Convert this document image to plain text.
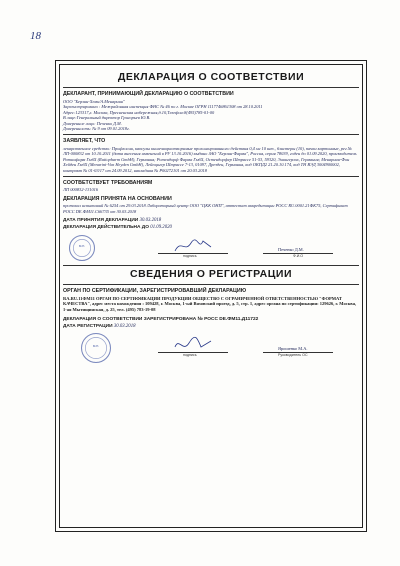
18
ДЕКЛАРАЦИЯ О СООТВЕТСТВИИ
ДЕКЛАРАНТ, ПРИНИМАЮЩИЙ ДЕКЛАРАЦИЮ О СООТВЕТСТВИИ

ООО "Берлин-Хеми/А.Менарини"

Зарегистрировано : Межрайонная инспекция ФНС № 46 по г. Москве ОГРН 1117746861308 от 28.10.2011

Адрес:123317,г. Москва, Пресненская набережная,д.10,Телефон:8(495)785-01-00

В лице:Генеральный директор Григорьев Ю.В.

Доверенное лицо: Печенко Д.М.

Доверенность: № 9 от 09.01.2018г.

ЗАЯВЛЯЕТ, ЧТО

лекарственное средство: Профлосин, капсулы кишечнорастворимые пролонгированного действия 0,4 мг 10 шт., блистеры (10), пачки картонные, рег.№ ЛП-000832 от 10.10.2011 (дата внесения изменений в РУ 13.10.2016) выдано ЗАО "Берлин-Фарма", Россия, серия 78039, годен до 01.09.2020, производитель Ратиофарм ГмбХ (Ratiopharm GmbH), Германия; Ротендорф Фарма ГмбХ, Остендорфер Штрассе 51-53, 59320, Эннигерлох, Германия; Менарини-Фон Хейден ГмбХ (Menarini-Von Heyden GmbH), Лейпцигер Штрассе 7-13, 01097, Дрезден, Германия, код ОКПД2 21.20.10.174, код ТН ВЭД 3004900002, контракт № 01-03/17 от 24.09.2012, накладная № Р00272101 от 20.03.2018

СООТВЕТСТВУЕТ ТРЕБОВАНИЯМ

ЛП 000832-131016

ДЕКЛАРАЦИЯ ПРИНЯТА НА ОСНОВАНИИ

протокол испытаний № 6254 от 29.03.2018 Лабораторный центр ООО "ЦКК ОНП", аттестат аккредитации РОСС RU.0001.21ФК75, Сертификат РОСС DE.ФМ11.С66735 от 30.03.2018

ДАТА ПРИНЯТИЯ ДЕКЛАРАЦИИ 30.03.2018
ДЕКЛАРАЦИЯ ДЕЙСТВИТЕЛЬНА ДО 01.09.2020
М.П.
подпись
Печенко Д.М.
Ф.И.О
СВЕДЕНИЯ О РЕГИСТРАЦИИ
ОРГАН ПО СЕРТИФИКАЦИИ, ЗАРЕГИСТРИРОВАВШИЙ ДЕКЛАРАЦИЮ

RA.RU.11ФМ11 ОРГАН ПО СЕРТИФИКАЦИИ ПРОДУКЦИИ ОБЩЕСТВО С ОГРАНИЧЕННОЙ ОТВЕТСТВЕННОСТЬЮ "ФОРМАТ КАЧЕСТВА", адрес места нахождения : 109428, г. Москва, 1-ый Вязовский проезд, д. 5, стр. 1, адрес органа по сертификации: 129626, г. Москва, 1-ая Мытищинская, д. 25, тел. (495) 783-19-08

ДЕКЛАРАЦИЯ О СООТВЕТСТВИИ ЗАРЕГИСТРИРОВАНА № РОСС DE.ФМ11.Д11722
ДАТА РЕГИСТРАЦИИ 30.03.2018
М.П.
подпись
Ярошенко М.А.
Руководитель ОС
